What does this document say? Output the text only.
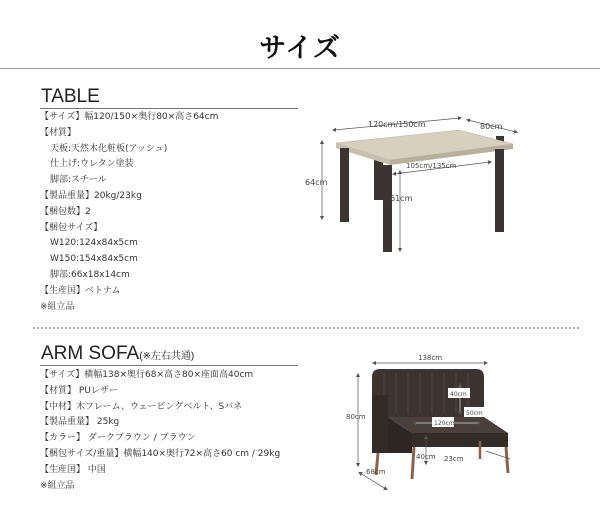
サイズ
TABLE
【サイズ】幅120/150×奥行80×高さ64cm
【材質】
天板:天然木化粧板(アッシュ)
仕上げ:ウレタン塗装
脚部:スチール
【製品重量】20kg/23kg
【梱包数】2
【梱包サイズ】
W120:124x84x5cm
W150:154x84x5cm
脚部:66x18x14cm
【生産国】ベトナム
※組立品
120cm/150cm	80cm
64cm
105cm/135cm
61cm
ARM SOFA(※左右共通)
【サイズ】横幅138×奥行68×高さ80×座面高40cm
【材質】 PUレザー
【中材】木フレーム、ウェービングベルト、Sバネ
【製品重量】 25kg
【カラー】 ダークブラウン / ブラウン
【梱包サイズ/重量】横幅140×奥行72×高さ60 cm / 29kg
【生産国】 中国
※組立品
138cm
80cm
68cm
40cm
50cm
120cm
40cm 23cm
